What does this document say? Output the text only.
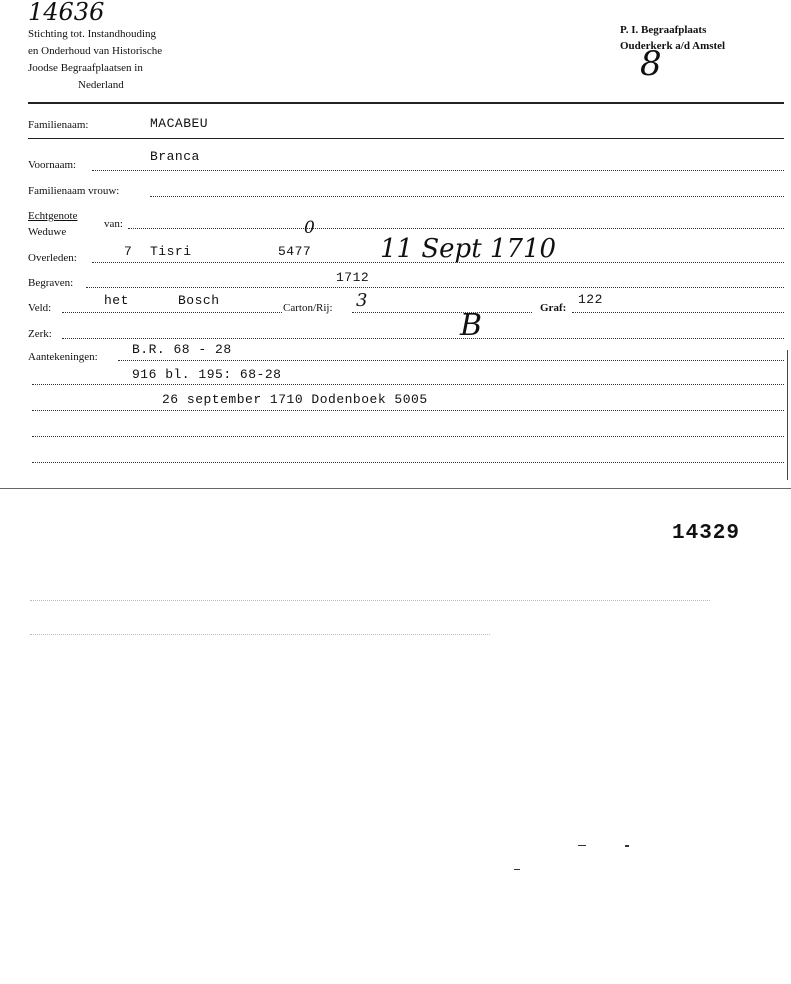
14636
Stichting tot. Instandhouding
en Onderhoud van Historische
Joodse Begraafplaatsen in
Nederland
P. I. Begraafplaats
Ouderkerk a/d Amstel
8
Familienaam:	MACABEU
Voornaam:
Branca
Familienaam vrouw:
Echtgenote
Weduwe
van:	0
Overleden:	7 Tisri	5477	11 Sept 1710
Begraven:	1712
Veld:	het	Bosch	Carton/Rij: 3	Graf:
122
Zerk:	B
Aantekeningen:	B.R. 68 - 28
916 bl. 195: 68-28
26 september 1710 Dodenboek 5005
14329
